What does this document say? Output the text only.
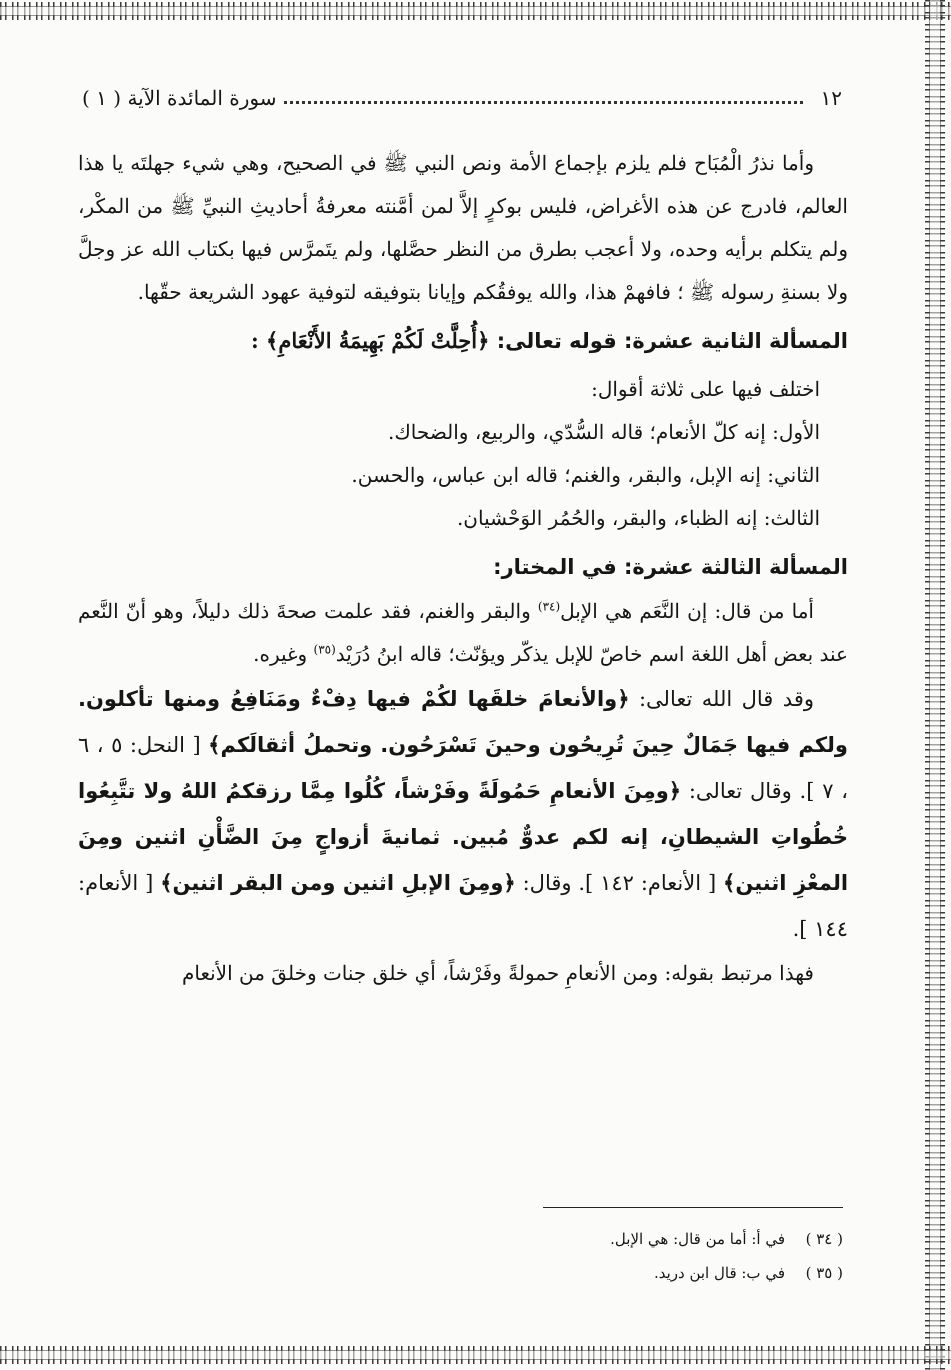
١٢
سورة المائدة الآية ( ١ )

وأما نذرُ الْمُبَاح فلم يلزم بإجماع الأمة ونص النبي ﷺ في الصحيح، وهي شيء جهلتَه يا هذا العالم، فادرج عن هذه الأغراض، فليس بوكرٍ إلاَّ لمن أمَّنته معرفةُ أحاديثِ النبيِّ ﷺ من المكْر، ولم يتكلم برأيه وحده، ولا أعجب بطرق من النظر حصَّلها، ولم يتَمرَّس فيها بكتاب الله عز وجلَّ ولا بسنةِ رسوله ﷺ ؛ فافهمْ هذا، والله يوفقُكم وإيانا بتوفيقه لتوفية عهود الشريعة حقّها.

المسألة الثانية عشرة: قوله تعالى: ﴿أُحِلَّتْ لَكُمْ بَهِيمَةُ الأَنْعَامِ﴾ :

اختلف فيها على ثلاثة أقوال:

الأول: إنه كلّ الأنعام؛ قاله السُّدّي، والربيع، والضحاك.

الثاني: إنه الإبل، والبقر، والغنم؛ قاله ابن عباس، والحسن.

الثالث: إنه الظباء، والبقر، والحُمُر الوَحْشيان.

المسألة الثالثة عشرة: في المختار:

أما من قال: إن النَّعَم هي الإبل$^{(٣٤)}$ والبقر والغنم، فقد علمت صحةَ ذلك دليلاً، وهو أنّ النَّعم عند بعض أهل اللغة اسم خاصّ للإبل يذكّر ويؤنّث؛ قاله ابنُ دُرَيْد$^{(٣٥)}$ وغيره.

وقد قال الله تعالى: ﴿والأنعامَ خلقَها لكُمْ فيها دِفْءٌ ومَنَافِعُ ومنها تأكلون. ولكم فيها جَمَالٌ حِينَ تُرِيحُون وحينَ تَسْرَحُون. وتحملُ أثقالَكم﴾ [ النحل: ٥ ، ٦ ، ٧ ]. وقال تعالى: ﴿ومِنَ الأنعامِ حَمُولَةً وفَرْشاً، كُلُوا مِمَّا رزقكمُ اللهُ ولا تتَّبِعُوا خُطُواتِ الشيطانِ، إنه لكم عدوٌّ مُبين. ثمانيةَ أزواجٍ مِنَ الضَّأْنِ اثنين ومِنَ المعْزِ اثنين﴾ [ الأنعام: ١٤٢ ]. وقال: ﴿ومِنَ الإبلِ اثنين ومن البقر اثنين﴾ [ الأنعام: ١٤٤ ].

فهذا مرتبط بقوله: ومن الأنعامِ حمولةً وفَرْشاً، أي خلق جنات وخلقَ من الأنعام

( ٣٤ )
في أ: أما من قال: هي الإبل.

( ٣٥ )
في ب: قال ابن دريد.
